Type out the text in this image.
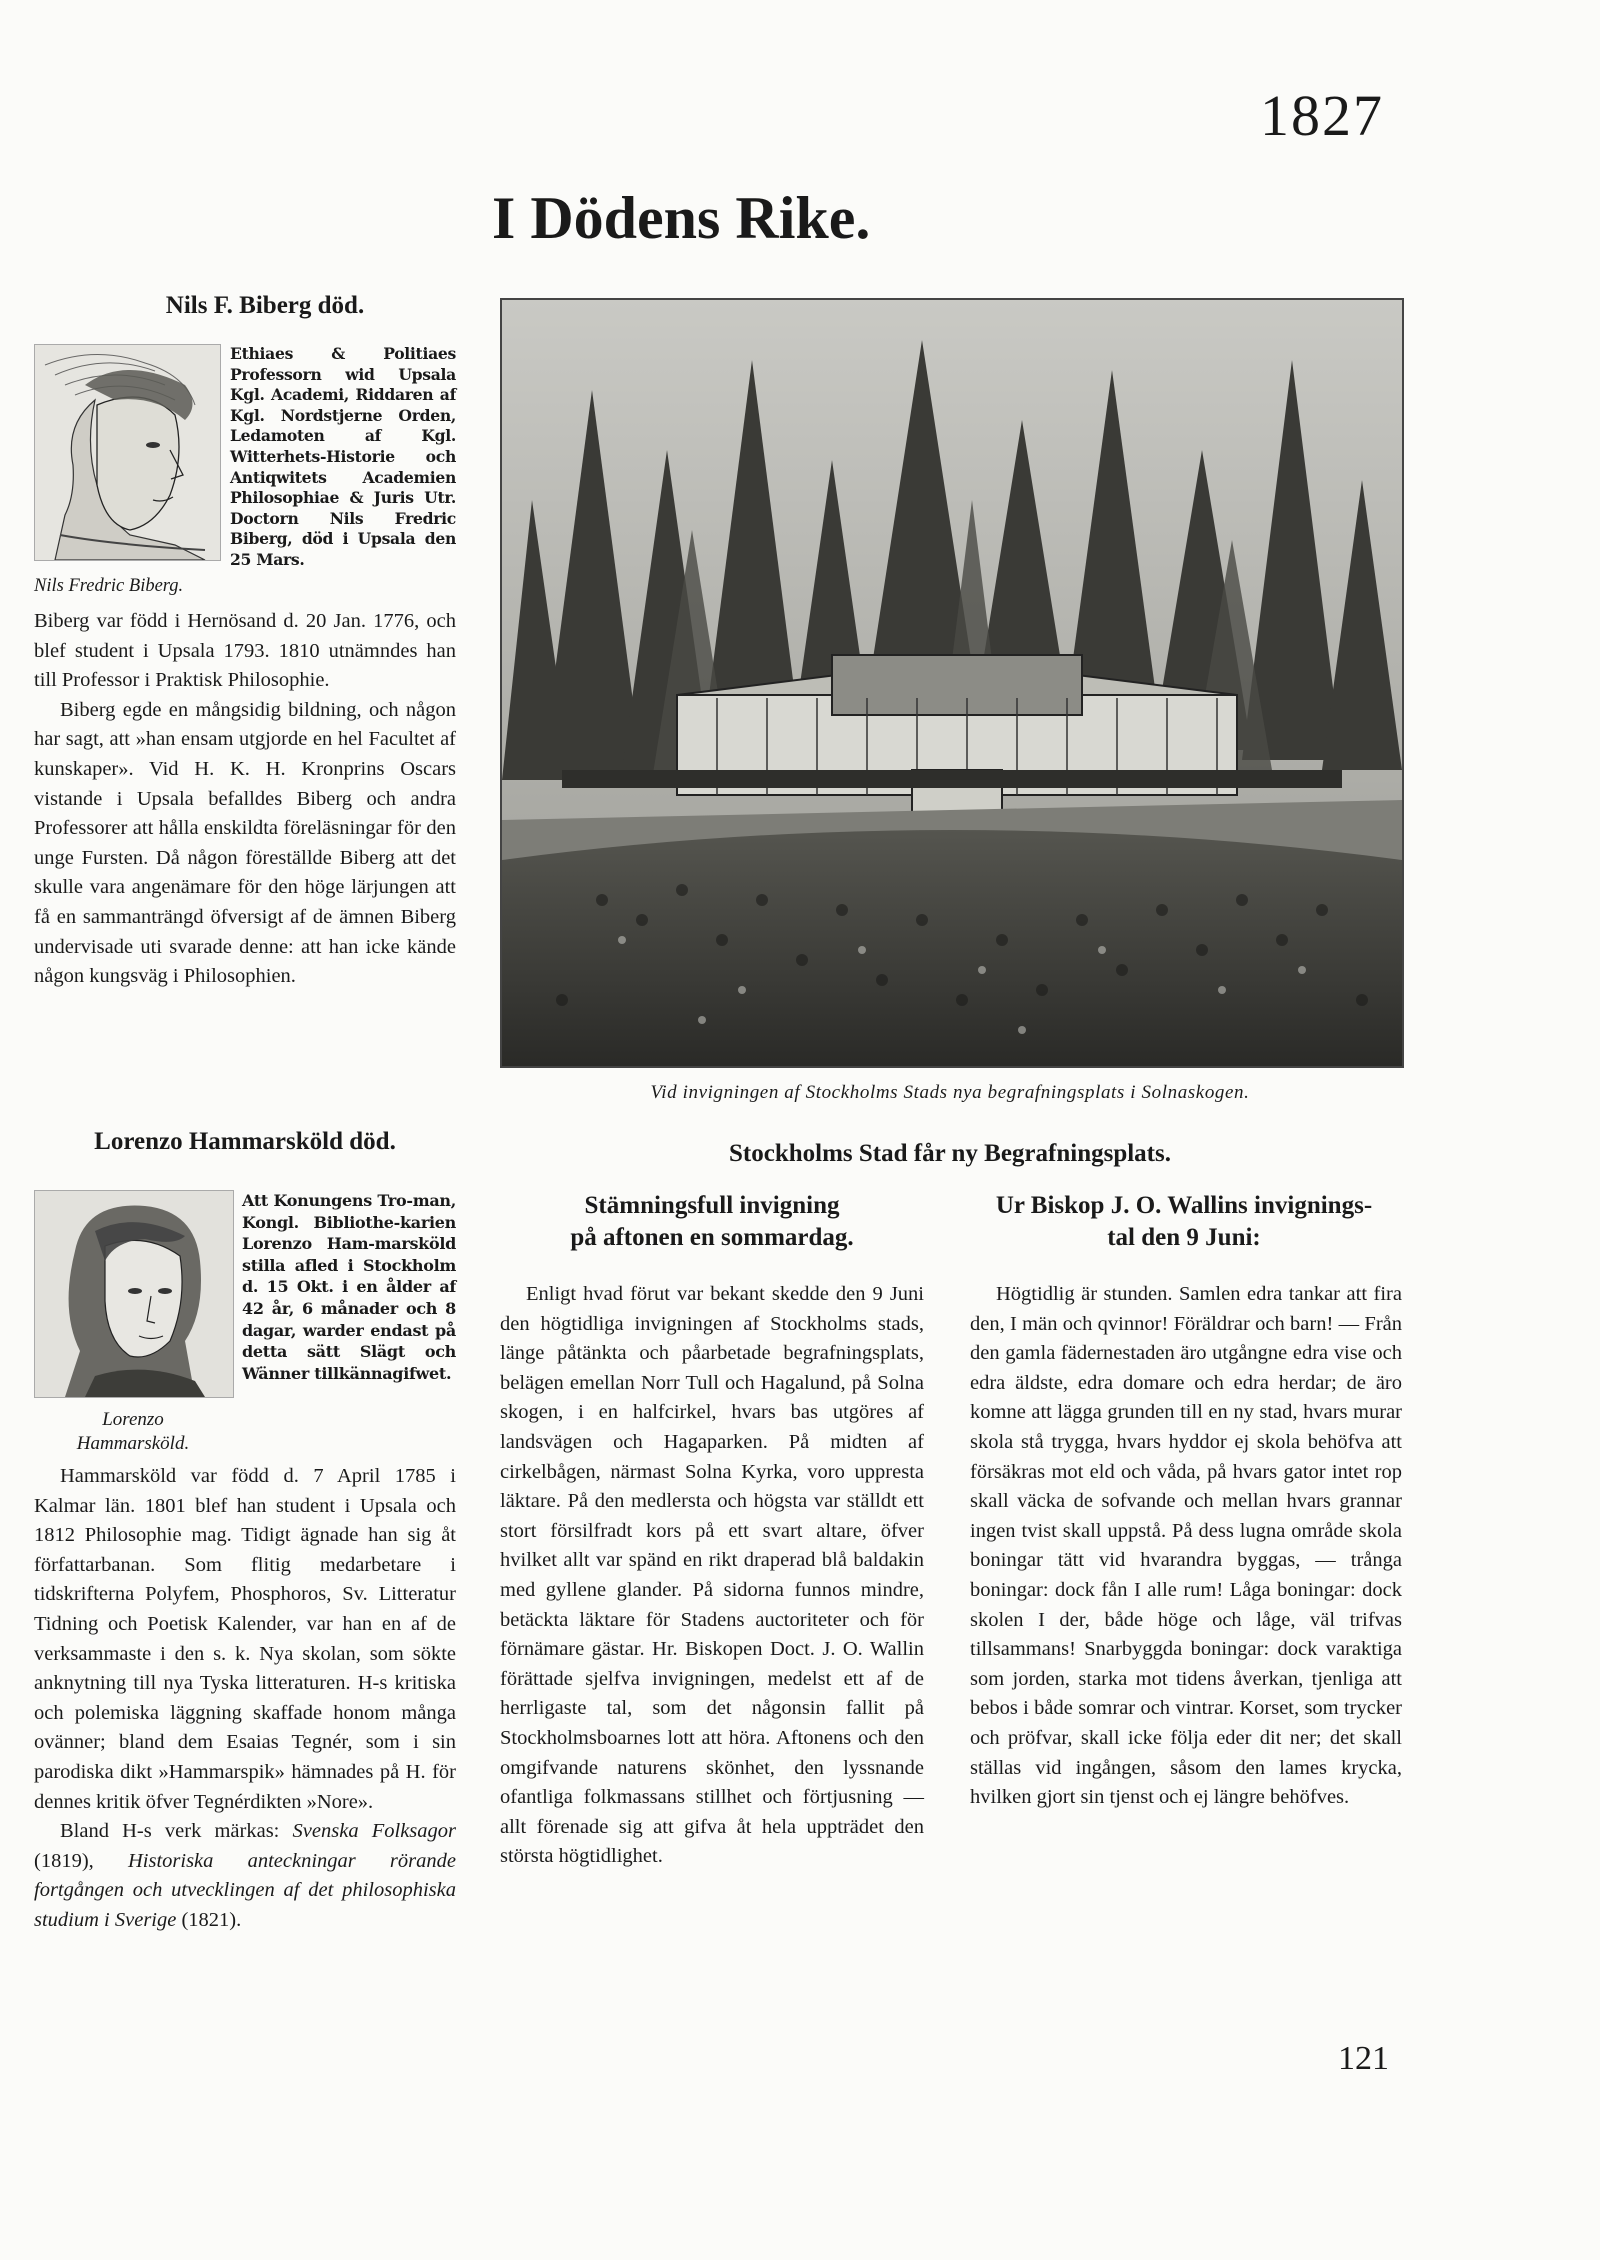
1827
I Dödens Rike.
Nils F. Biberg död.
Nils Fredric Biberg.
Ethiaes & Politiaes Professorn wid Upsala Kgl. Academi, Riddaren af Kgl. Nordstjerne Orden, Ledamoten af Kgl. Witterhets-Historie och Antiqwitets Academien Philosophiae & Juris Utr. Doctorn Nils Fredric Biberg, död i Upsala den 25 Mars.

Biberg var född i Hernösand d. 20 Jan. 1776, och blef student i Upsala 1793. 1810 utnämndes han till Professor i Praktisk Philosophie.

Biberg egde en mångsidig bildning, och någon har sagt, att »han ensam utgjorde en hel Facultet af kunskaper». Vid H. K. H. Kronprins Oscars vistande i Upsala befalldes Biberg och andra Professorer att hålla enskildta föreläsningar för den unge Fursten. Då någon föreställde Biberg att det skulle vara angenämare för den höge lärjungen att få en sammanträngd öfversigt af de ämnen Biberg undervisade uti svarade denne: att han icke kände någon kungsväg i Philosophien.

Lorenzo Hammarsköld död.
Lorenzo
Hammarsköld.
Att Konungens Tro-man, Kongl. Bibliothe-karien Lorenzo Ham-marsköld stilla afled i Stockholm d. 15 Okt. i en ålder af 42 år, 6 månader och 8 dagar, warder endast på detta sätt Slägt och Wänner tillkännagifwet.

Hammarsköld var född d. 7 April 1785 i Kalmar län. 1801 blef han student i Upsala och 1812 Philosophie mag. Tidigt ägnade han sig åt författarbanan. Som flitig medarbetare i tidskrifterna Polyfem, Phosphoros, Sv. Litteratur Tidning och Poetisk Kalender, var han en af de verksammaste i den s. k. Nya skolan, som sökte anknytning till nya Tyska litteraturen. H-s kritiska och polemiska läggning skaffade honom många ovänner; bland dem Esaias Tegnér, som i sin parodiska dikt »Hammarspik» hämnades på H. för dennes kritik öfver Tegnérdikten »Nore».

Bland H-s verk märkas: Svenska Folksagor (1819), Historiska anteckningar rörande fortgången och utvecklingen af det philosophiska studium i Sverige (1821).

Vid invigningen af Stockholms Stads nya begrafningsplats i Solnaskogen.
Stockholms Stad får ny Begrafningsplats.
Stämningsfull invigning
på aftonen en sommardag.
Enligt hvad förut var bekant skedde den 9 Juni den högtidliga invigningen af Stockholms stads, länge påtänkta och påarbetade begrafningsplats, belägen emellan Norr Tull och Hagalund, på Solna skogen, i en halfcirkel, hvars bas utgöres af landsvägen och Hagaparken. På midten af cirkelbågen, närmast Solna Kyrka, voro uppresta läktare. På den medlersta och högsta var ställdt ett stort försilfradt kors på ett svart altare, öfver hvilket allt var spänd en rikt draperad blå baldakin med gyllene glander. På sidorna funnos mindre, betäckta läktare för Stadens auctoriteter och för förnämare gästar. Hr. Biskopen Doct. J. O. Wallin förättade sjelfva invigningen, medelst ett af de herrligaste tal, som det någonsin fallit på Stockholmsboarnes lott att höra. Aftonens och den omgifvande naturens skönhet, den lyssnande ofantliga folkmassans stillhet och förtjusning — allt förenade sig att gifva åt hela uppträdet den största högtidlighet.
Ur Biskop J. O. Wallins invignings-
tal den 9 Juni:
Högtidlig är stunden. Samlen edra tankar att fira den, I män och qvinnor! Föräldrar och barn! — Från den gamla fädernestaden äro utgångne edra vise och edra äldste, edra domare och edra herdar; de äro komne att lägga grunden till en ny stad, hvars murar skola stå trygga, hvars hyddor ej skola behöfva att försäkras mot eld och våda, på hvars gator intet rop skall väcka de sofvande och mellan hvars grannar ingen tvist skall uppstå. På dess lugna område skola boningar tätt vid hvarandra byggas, — trånga boningar: dock fån I alle rum! Låga boningar: dock skolen I der, både höge och låge, väl trifvas tillsammans! Snarbyggda boningar: dock varaktiga som jorden, starka mot tidens åverkan, tjenliga att bebos i både somrar och vintrar. Korset, som trycker och pröfvar, skall icke följa eder dit ner; det skall ställas vid ingången, såsom den lames krycka, hvilken gjort sin tjenst och ej längre behöfves.
121
